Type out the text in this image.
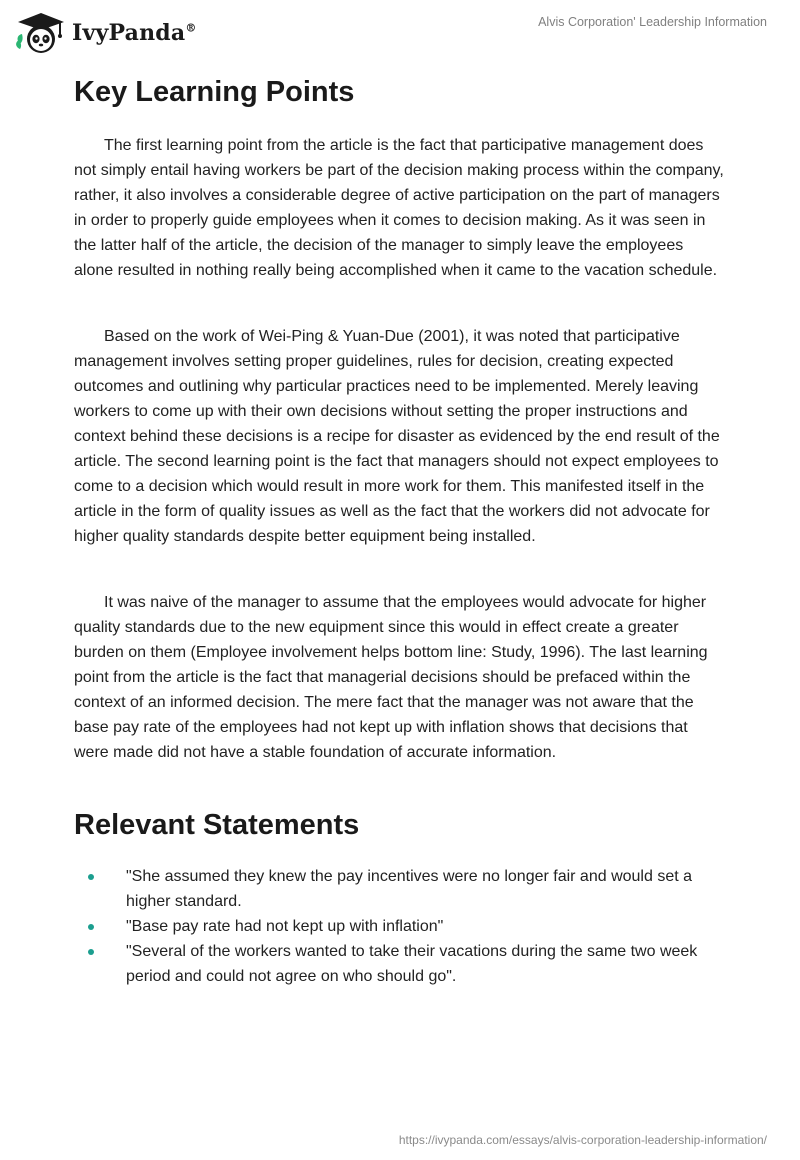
IvyPanda®	Alvis Corporation' Leadership Information
Key Learning Points

The first learning point from the article is the fact that participative management does not simply entail having workers be part of the decision making process within the company, rather, it also involves a considerable degree of active participation on the part of managers in order to properly guide employees when it comes to decision making. As it was seen in the latter half of the article, the decision of the manager to simply leave the employees alone resulted in nothing really being accomplished when it came to the vacation schedule.

Based on the work of Wei-Ping & Yuan-Due (2001), it was noted that participative management involves setting proper guidelines, rules for decision, creating expected outcomes and outlining why particular practices need to be implemented. Merely leaving workers to come up with their own decisions without setting the proper instructions and context behind these decisions is a recipe for disaster as evidenced by the end result of the article. The second learning point is the fact that managers should not expect employees to come to a decision which would result in more work for them. This manifested itself in the article in the form of quality issues as well as the fact that the workers did not advocate for higher quality standards despite better equipment being installed.

It was naive of the manager to assume that the employees would advocate for higher quality standards due to the new equipment since this would in effect create a greater burden on them (Employee involvement helps bottom line: Study, 1996). The last learning point from the article is the fact that managerial decisions should be prefaced within the context of an informed decision. The mere fact that the manager was not aware that the base pay rate of the employees had not kept up with inflation shows that decisions that were made did not have a stable foundation of accurate information.

Relevant Statements
"She assumed they knew the pay incentives were no longer fair and would set a higher standard.
"Base pay rate had not kept up with inflation"
"Several of the workers wanted to take their vacations during the same two week period and could not agree on who should go".
https://ivypanda.com/essays/alvis-corporation-leadership-information/
